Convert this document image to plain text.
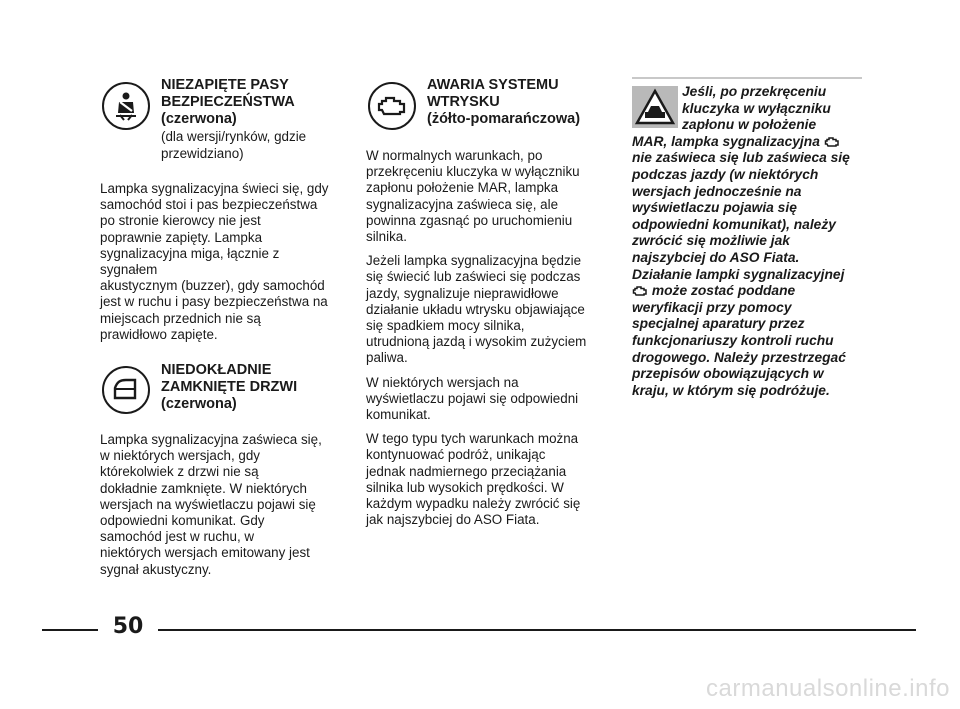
NIEZAPIĘTE PASY
BEZPIECZEŃSTWA
(czerwona)
(dla wersji/rynków, gdzie
przewidziano)

Lampka sygnalizacyjna świeci się, gdy
samochód stoi i pas bezpieczeństwa
po stronie kierowcy nie jest
poprawnie zapięty. Lampka
sygnalizacyjna miga, łącznie z sygnałem
akustycznym (buzzer), gdy samochód
jest w ruchu i pasy bezpieczeństwa na
miejscach przednich nie są
prawidłowo zapięte.

NIEDOKŁADNIE
ZAMKNIĘTE DRZWI
(czerwona)

Lampka sygnalizacyjna zaświeca się,
w niektórych wersjach, gdy
którekolwiek z drzwi nie są
dokładnie zamknięte. W niektórych
wersjach na wyświetlaczu pojawi się
odpowiedni komunikat. Gdy
samochód jest w ruchu, w
niektórych wersjach emitowany jest
sygnał akustyczny.

AWARIA SYSTEMU
WTRYSKU
(żółto-pomarańczowa)

W normalnych warunkach, po
przekręceniu kluczyka w wyłączniku
zapłonu położenie MAR, lampka
sygnalizacyjna zaświeca się, ale
powinna zgasnąć po uruchomieniu
silnika.

Jeżeli lampka sygnalizacyjna będzie
się świecić lub zaświeci się podczas
jazdy, sygnalizuje nieprawidłowe
działanie układu wtrysku objawiające
się spadkiem mocy silnika,
utrudnioną jazdą i wysokim zużyciem
paliwa.

W niektórych wersjach na
wyświetlaczu pojawi się odpowiedni
komunikat.

W tego typu tych warunkach można
kontynuować podróż, unikając
jednak nadmiernego przeciążania
silnika lub wysokich prędkości. W
każdym wypadku należy zwrócić się
jak najszybciej do ASO Fiata.

Jeśli, po przekręceniu
kluczyka w wyłączniku
zapłonu w położenie
MAR, lampka sygnalizacyjna
nie zaświeca się lub zaświeca się
podczas jazdy (w niektórych
wersjach jednocześnie na
wyświetlaczu pojawia się
odpowiedni komunikat), należy
zwrócić się możliwie jak
najszybciej do ASO Fiata.
Działanie lampki sygnalizacyjnej
może zostać poddane
weryfikacji przy pomocy
specjalnej aparatury przez
funkcjonariuszy kontroli ruchu
drogowego. Należy przestrzegać
przepisów obowiązujących w
kraju, w którym się podróżuje.
50
carmanualsonline.info
